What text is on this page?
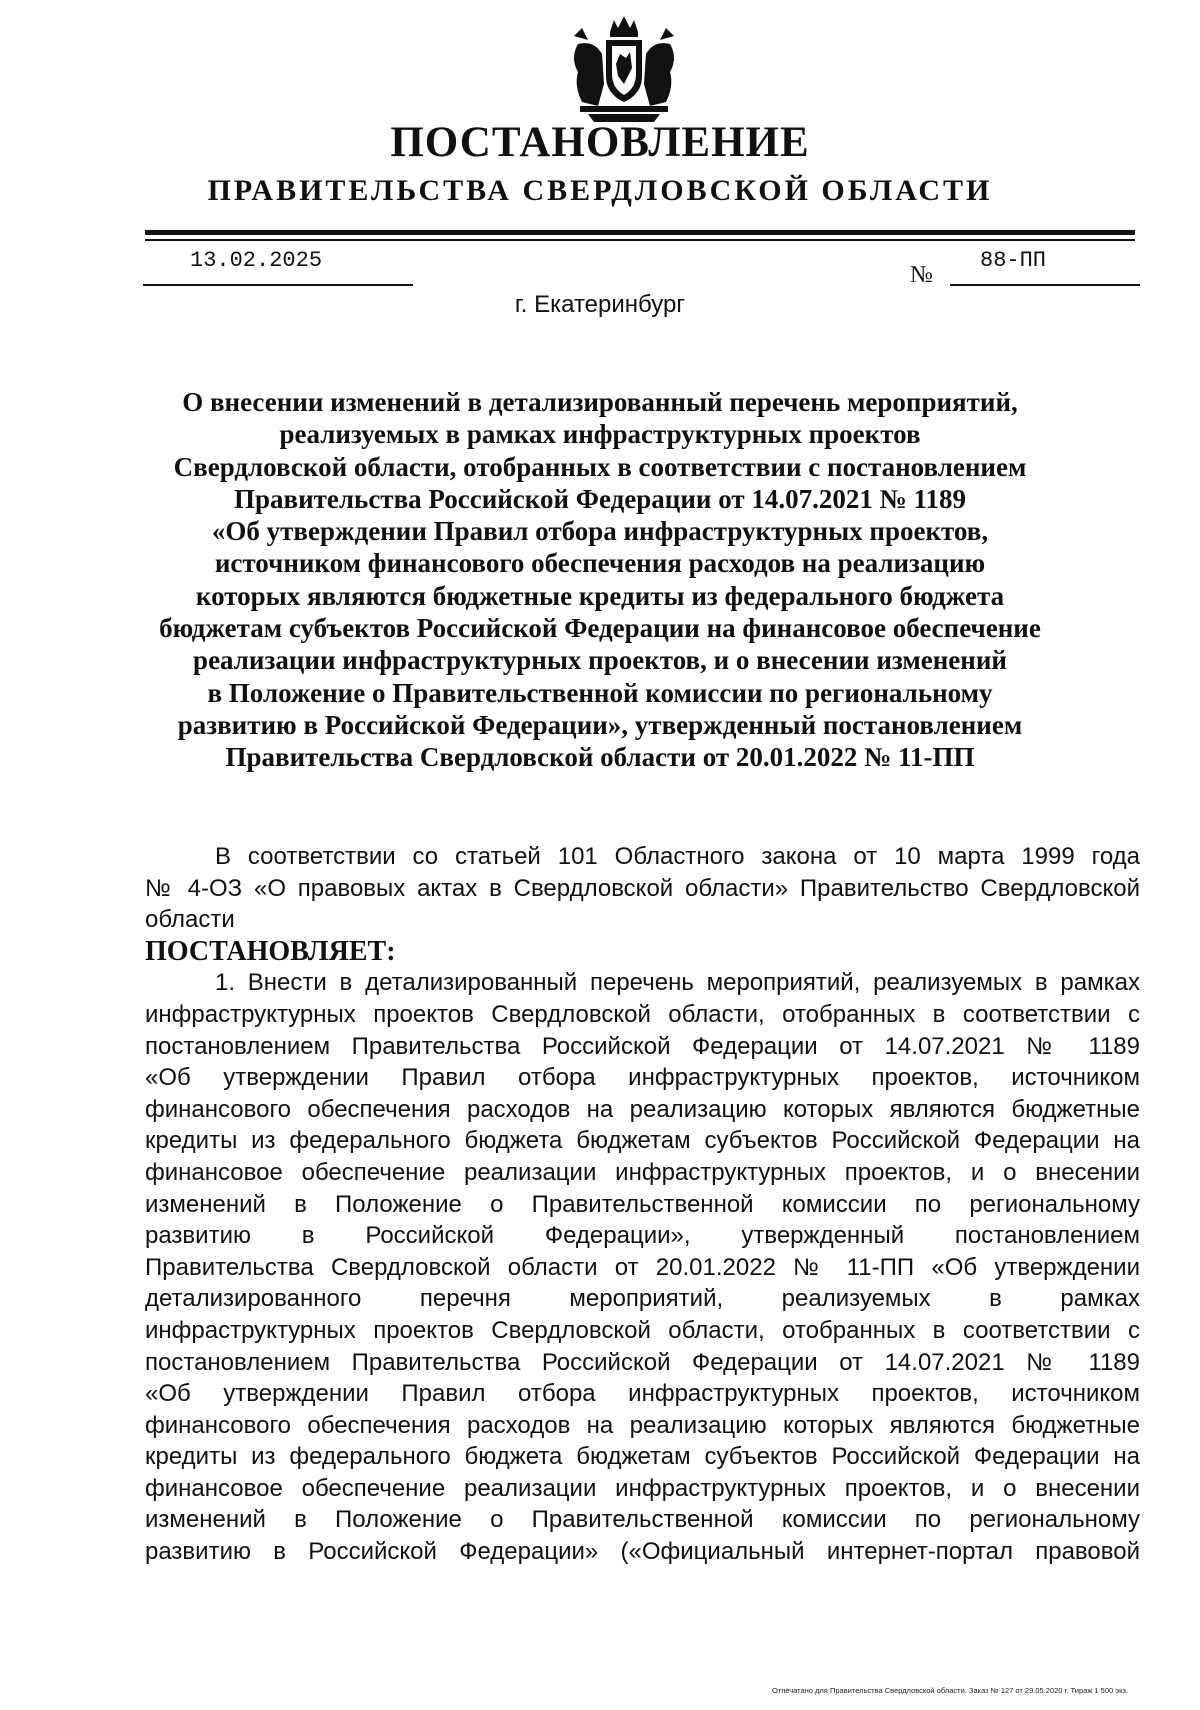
ПОСТАНОВЛЕНИЕ
ПРАВИТЕЛЬСТВА СВЕРДЛОВСКОЙ ОБЛАСТИ
13.02.2025
№
88-ПП
г. Екатеринбург
О внесении изменений в детализированный перечень мероприятий,
реализуемых в рамках инфраструктурных проектов
Свердловской области, отобранных в соответствии с постановлением
Правительства Российской Федерации от 14.07.2021 № 1189
«Об утверждении Правил отбора инфраструктурных проектов,
источником финансового обеспечения расходов на реализацию
которых являются бюджетные кредиты из федерального бюджета
бюджетам субъектов Российской Федерации на финансовое обеспечение
реализации инфраструктурных проектов, и о внесении изменений
в Положение о Правительственной комиссии по региональному
развитию в Российской Федерации», утвержденный постановлением
Правительства Свердловской области от 20.01.2022 № 11-ПП
В соответствии со статьей 101 Областного закона от 10 марта 1999 года
№ 4-ОЗ «О правовых актах в Свердловской области» Правительство Свердловской
области
ПОСТАНОВЛЯЕТ:
1. Внести в детализированный перечень мероприятий, реализуемых в рамках
инфраструктурных проектов Свердловской области, отобранных в соответствии с
постановлением Правительства Российской Федерации от 14.07.2021 № 1189
«Об утверждении Правил отбора инфраструктурных проектов, источником
финансового обеспечения расходов на реализацию которых являются бюджетные
кредиты из федерального бюджета бюджетам субъектов Российской Федерации на
финансовое обеспечение реализации инфраструктурных проектов, и о внесении
изменений в Положение о Правительственной комиссии по региональному
развитию в Российской Федерации», утвержденный постановлением
Правительства Свердловской области от 20.01.2022 № 11-ПП «Об утверждении
детализированного перечня мероприятий, реализуемых в рамках
инфраструктурных проектов Свердловской области, отобранных в соответствии с
постановлением Правительства Российской Федерации от 14.07.2021 № 1189
«Об утверждении Правил отбора инфраструктурных проектов, источником
финансового обеспечения расходов на реализацию которых являются бюджетные
кредиты из федерального бюджета бюджетам субъектов Российской Федерации на
финансовое обеспечение реализации инфраструктурных проектов, и о внесении
изменений в Положение о Правительственной комиссии по региональному
развитию в Российской Федерации» («Официальный интернет-портал правовой
Отпечатано для Правительства Свердловской области. Заказ № 127 от 29.05.2020 г. Тираж 1 500 экз.
